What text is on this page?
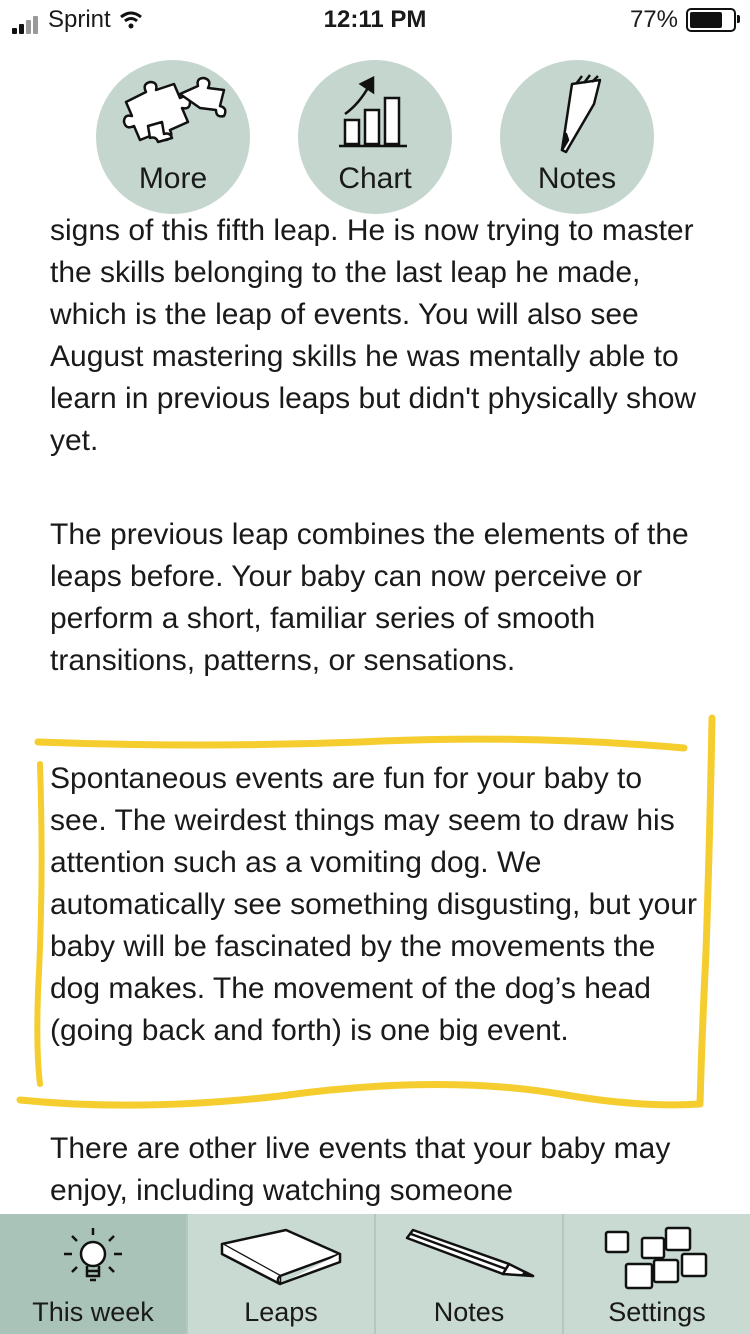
Sprint	12:11 PM	77%
More	Chart	Notes

signs of this fifth leap. He is now trying to master the skills belonging to the last leap he made, which is the leap of events. You will also see August mastering skills he was mentally able to learn in previous leaps but didn't physically show yet.

The previous leap combines the elements of the leaps before. Your baby can now perceive or perform a short, familiar series of smooth transitions, patterns, or sensations.

Spontaneous events are fun for your baby to see. The weirdest things may seem to draw his attention such as a vomiting dog. We automatically see something disgusting, but your baby will be fascinated by the movements the dog makes. The movement of the dog’s head (going back and forth) is one big event.

There are other live events that your baby may enjoy, including watching someone

This week	Leaps	Notes	Settings
